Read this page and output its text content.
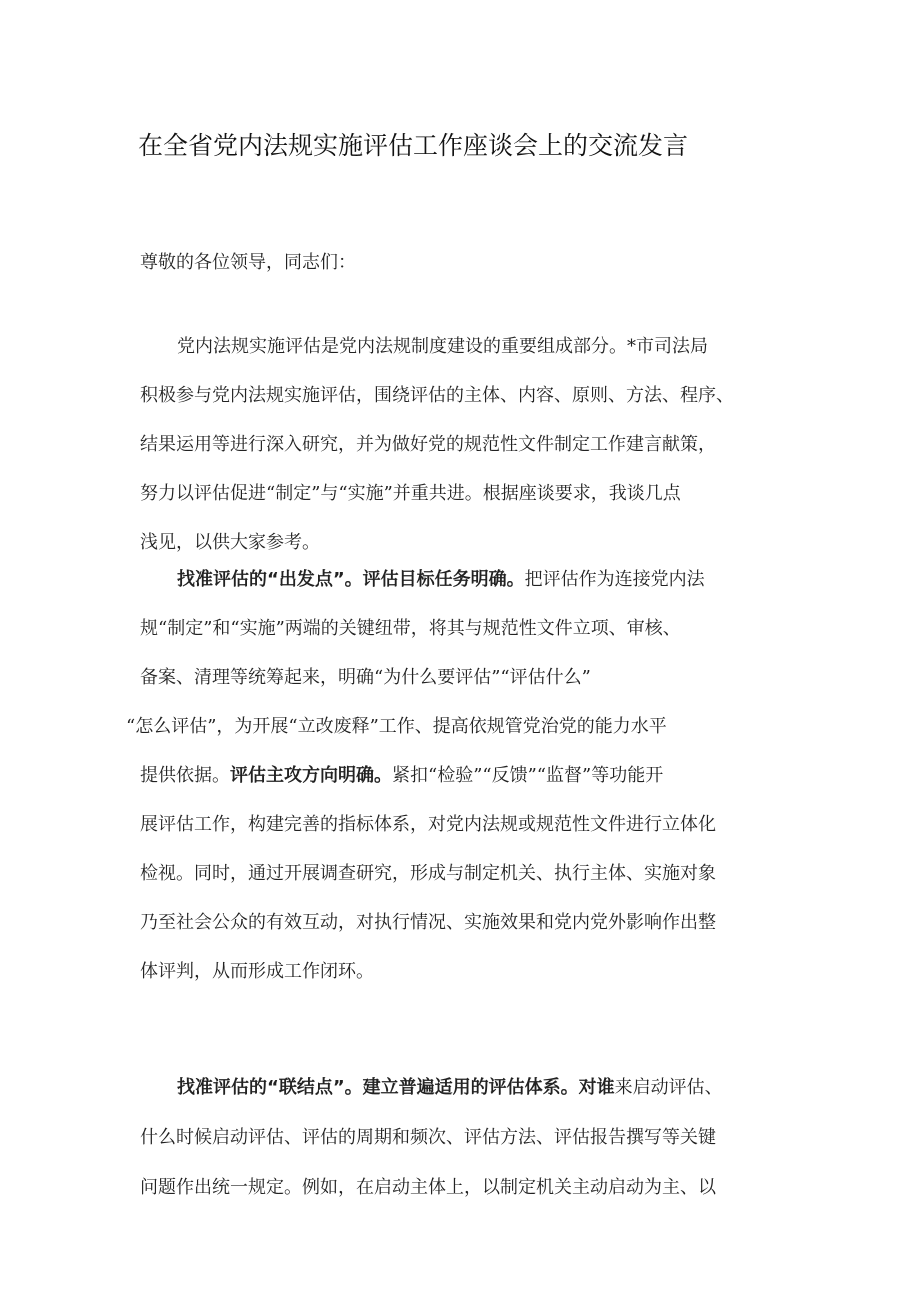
在全省党内法规实施评估工作座谈会上的交流发言
尊敬的各位领导，同志们：
党内法规实施评估是党内法规制度建设的重要组成部分。*市司法局
积极参与党内法规实施评估，围绕评估的主体、内容、原则、方法、程序、
结果运用等进行深入研究，并为做好党的规范性文件制定工作建言献策，
努力以评估促进“制定”与“实施”并重共进。根据座谈要求，我谈几点
浅见，以供大家参考。
找准评估的“出发点”。评估目标任务明确。把评估作为连接党内法
规“制定”和“实施”两端的关键纽带，将其与规范性文件立项、审核、
备案、清理等统筹起来，明确“为什么要评估”“评估什么”
“怎么评估”，为开展“立改废释”工作、提高依规管党治党的能力水平
提供依据。评估主攻方向明确。紧扣“检验”“反馈”“监督”等功能开
展评估工作，构建完善的指标体系，对党内法规或规范性文件进行立体化
检视。同时，通过开展调查研究，形成与制定机关、执行主体、实施对象
乃至社会公众的有效互动，对执行情况、实施效果和党内党外影响作出整
体评判，从而形成工作闭环。
找准评估的“联结点”。建立普遍适用的评估体系。对谁来启动评估、
什么时候启动评估、评估的周期和频次、评估方法、评估报告撰写等关键
问题作出统一规定。例如，在启动主体上，以制定机关主动启动为主、以
